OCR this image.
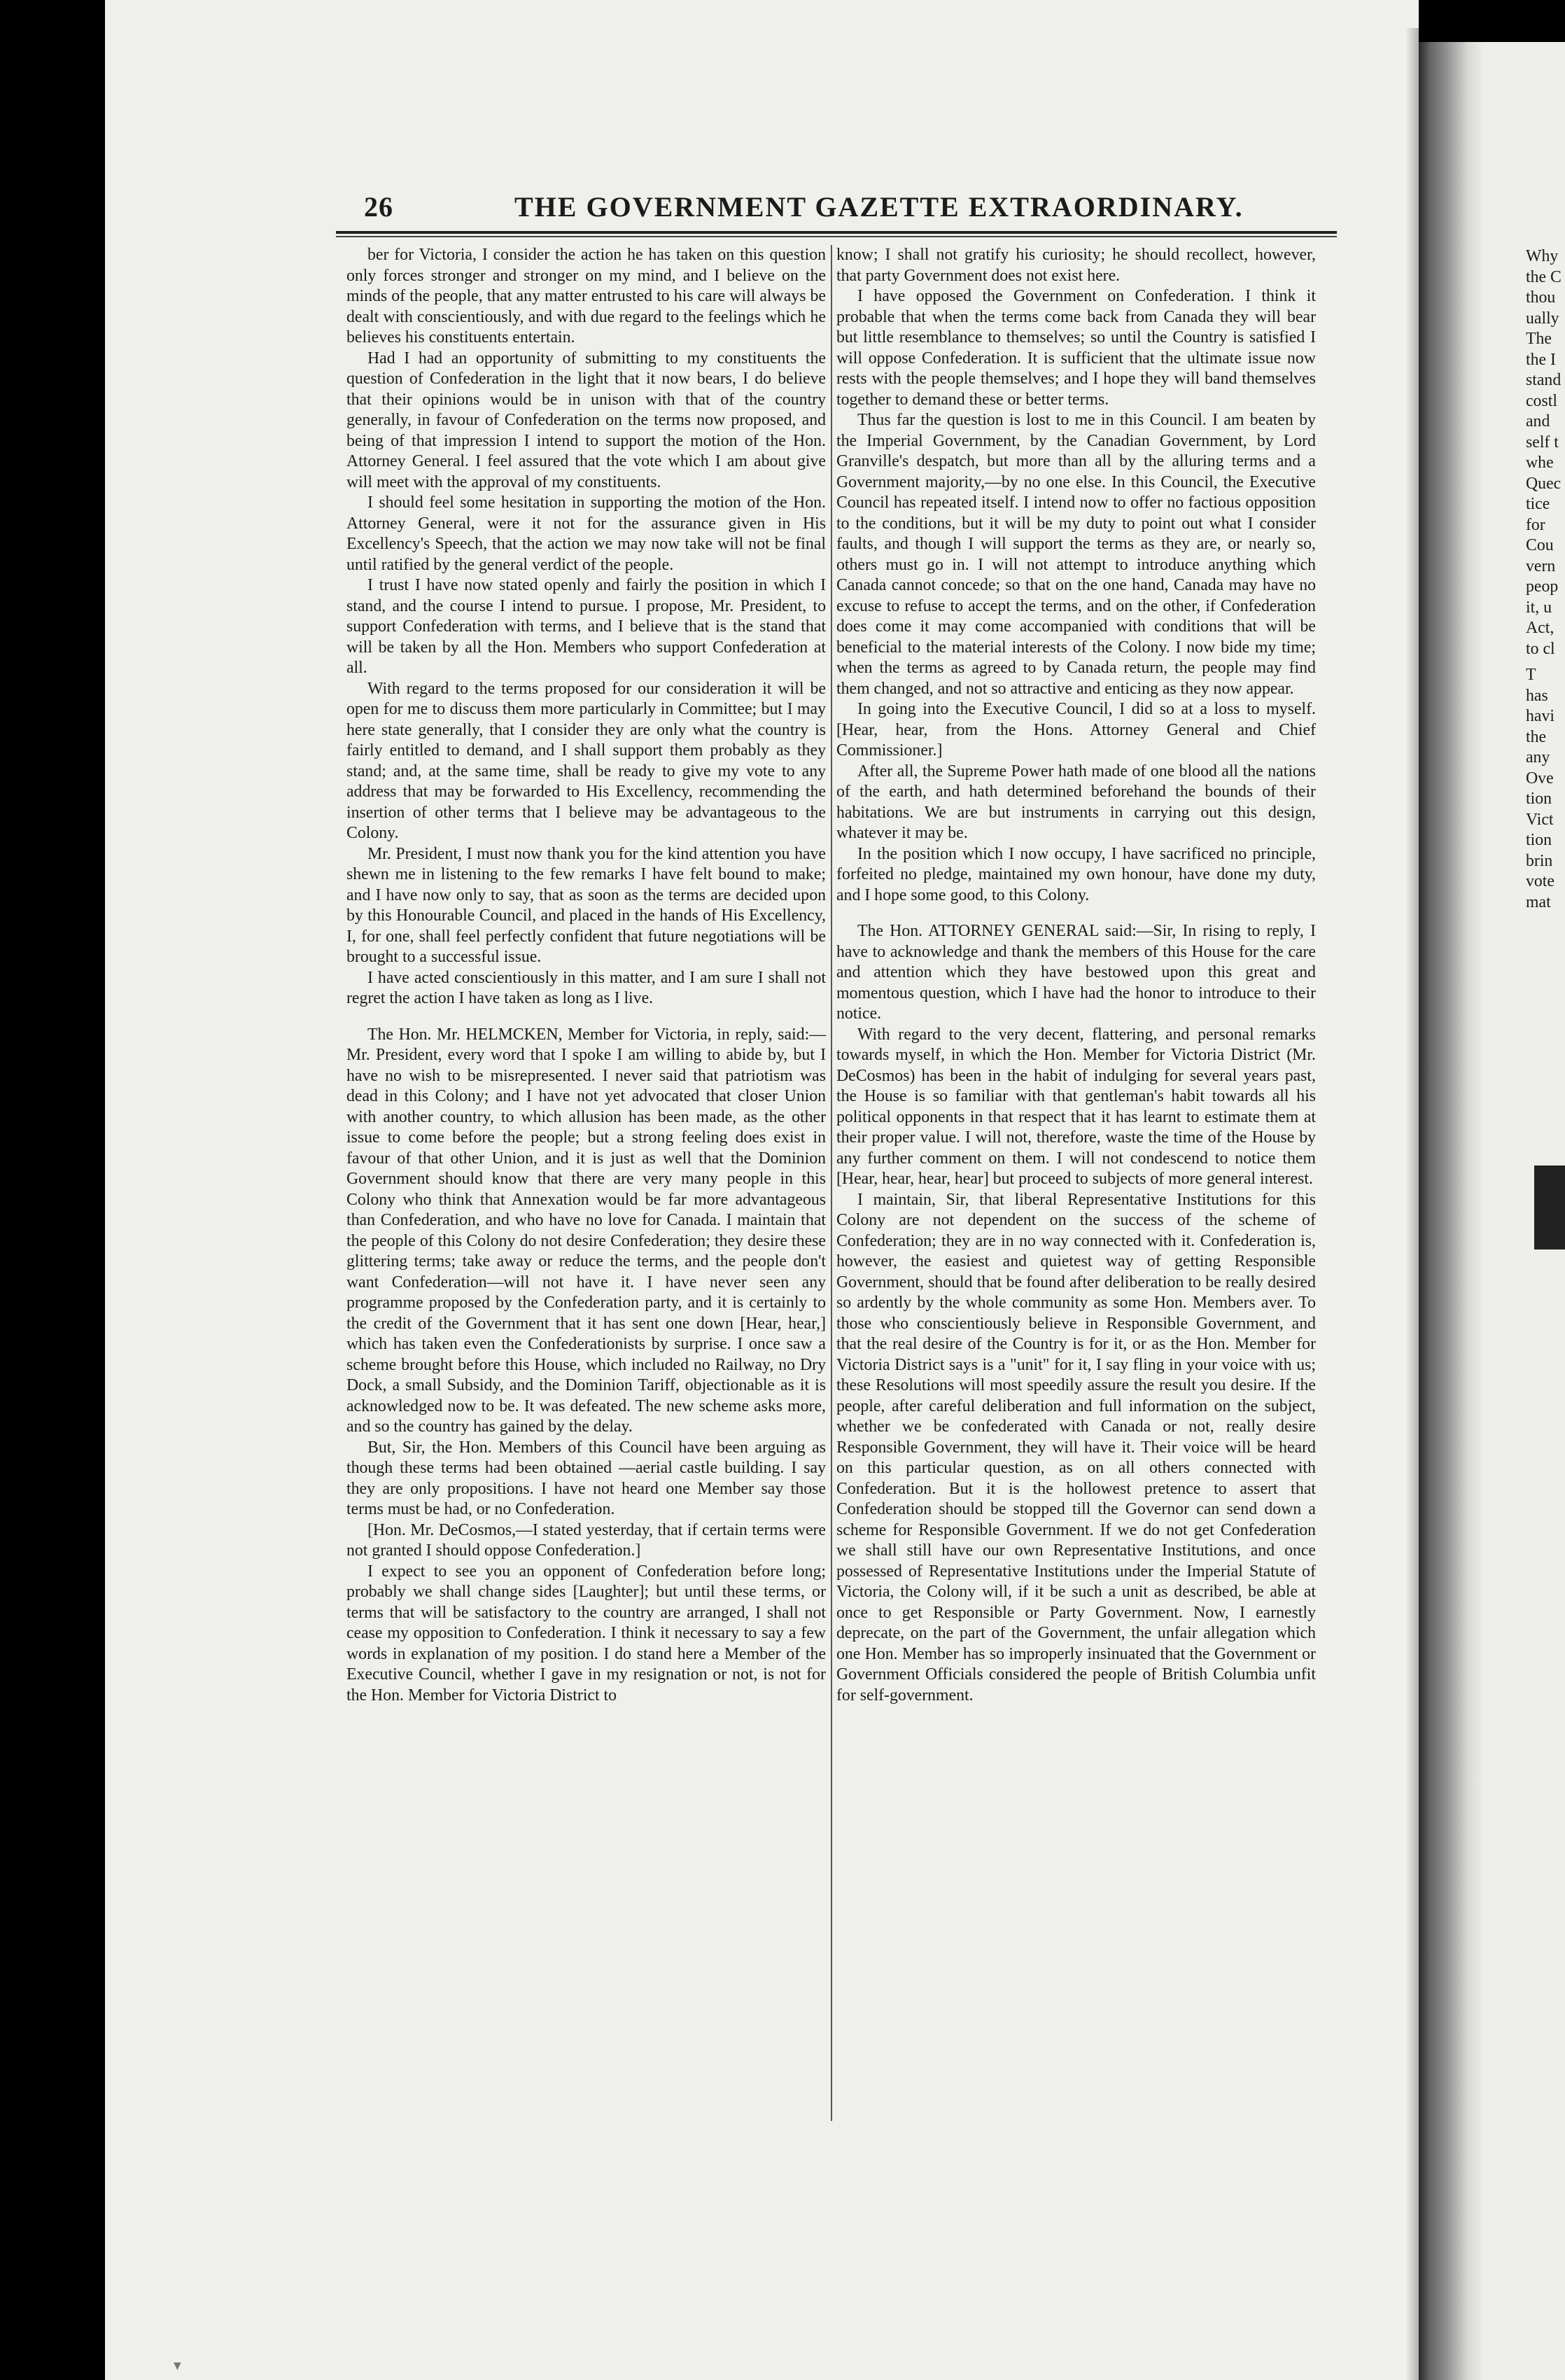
26	THE GOVERNMENT GAZETTE EXTRAORDINARY.

ber for Victoria, I consider the action he has taken on this question only forces stronger and stronger on my mind, and I believe on the minds of the people, that any matter entrusted to his care will always be dealt with conscientiously, and with due regard to the feelings which he believes his constituents entertain.

Had I had an opportunity of submitting to my constituents the question of Confederation in the light that it now bears, I do believe that their opinions would be in unison with that of the country generally, in favour of Confederation on the terms now proposed, and being of that impression I intend to support the motion of the Hon. Attorney General. I feel assured that the vote which I am about give will meet with the approval of my constituents.

I should feel some hesitation in supporting the motion of the Hon. Attorney General, were it not for the assurance given in His Excellency's Speech, that the action we may now take will not be final until ratified by the general verdict of the people.

I trust I have now stated openly and fairly the position in which I stand, and the course I intend to pursue. I propose, Mr. President, to support Confederation with terms, and I believe that is the stand that will be taken by all the Hon. Members who support Confederation at all.

With regard to the terms proposed for our consideration it will be open for me to discuss them more particularly in Committee; but I may here state generally, that I consider they are only what the country is fairly entitled to demand, and I shall support them probably as they stand; and, at the same time, shall be ready to give my vote to any address that may be forwarded to His Excellency, recommending the insertion of other terms that I believe may be advantageous to the Colony.

Mr. President, I must now thank you for the kind attention you have shewn me in listening to the few remarks I have felt bound to make; and I have now only to say, that as soon as the terms are decided upon by this Honourable Council, and placed in the hands of His Excellency, I, for one, shall feel perfectly confident that future negotiations will be brought to a successful issue.

I have acted conscientiously in this matter, and I am sure I shall not regret the action I have taken as long as I live.

The Hon. Mr. HELMCKEN, Member for Victoria, in reply, said:—Mr. President, every word that I spoke I am willing to abide by, but I have no wish to be misrepresented. I never said that patriotism was dead in this Colony; and I have not yet advocated that closer Union with another country, to which allusion has been made, as the other issue to come before the people; but a strong feeling does exist in favour of that other Union, and it is just as well that the Dominion Government should know that there are very many people in this Colony who think that Annexation would be far more advantageous than Confederation, and who have no love for Canada. I maintain that the people of this Colony do not desire Confederation; they desire these glittering terms; take away or reduce the terms, and the people don't want Confederation—will not have it. I have never seen any programme proposed by the Confederation party, and it is certainly to the credit of the Government that it has sent one down [Hear, hear,] which has taken even the Confederationists by surprise. I once saw a scheme brought before this House, which included no Railway, no Dry Dock, a small Subsidy, and the Dominion Tariff, objectionable as it is acknowledged now to be. It was defeated. The new scheme asks more, and so the country has gained by the delay.

But, Sir, the Hon. Members of this Council have been arguing as though these terms had been obtained —aerial castle building. I say they are only propositions. I have not heard one Member say those terms must be had, or no Confederation.

[Hon. Mr. DeCosmos,—I stated yesterday, that if certain terms were not granted I should oppose Confederation.]

I expect to see you an opponent of Confederation before long; probably we shall change sides [Laughter]; but until these terms, or terms that will be satisfactory to the country are arranged, I shall not cease my opposition to Confederation. I think it necessary to say a few words in explanation of my position. I do stand here a Member of the Executive Council, whether I gave in my resignation or not, is not for the Hon. Member for Victoria District to

know; I shall not gratify his curiosity; he should recollect, however, that party Government does not exist here.

I have opposed the Government on Confederation. I think it probable that when the terms come back from Canada they will bear but little resemblance to themselves; so until the Country is satisfied I will oppose Confederation. It is sufficient that the ultimate issue now rests with the people themselves; and I hope they will band themselves together to demand these or better terms.

Thus far the question is lost to me in this Council. I am beaten by the Imperial Government, by the Canadian Government, by Lord Granville's despatch, but more than all by the alluring terms and a Government majority,—by no one else. In this Council, the Executive Council has repeated itself. I intend now to offer no factious opposition to the conditions, but it will be my duty to point out what I consider faults, and though I will support the terms as they are, or nearly so, others must go in. I will not attempt to introduce anything which Canada cannot concede; so that on the one hand, Canada may have no excuse to refuse to accept the terms, and on the other, if Confederation does come it may come accompanied with conditions that will be beneficial to the material interests of the Colony. I now bide my time; when the terms as agreed to by Canada return, the people may find them changed, and not so attractive and enticing as they now appear.

In going into the Executive Council, I did so at a loss to myself. [Hear, hear, from the Hons. Attorney General and Chief Commissioner.]

After all, the Supreme Power hath made of one blood all the nations of the earth, and hath determined beforehand the bounds of their habitations. We are but instruments in carrying out this design, whatever it may be.

In the position which I now occupy, I have sacrificed no principle, forfeited no pledge, maintained my own honour, have done my duty, and I hope some good, to this Colony.

The Hon. ATTORNEY GENERAL said:—Sir, In rising to reply, I have to acknowledge and thank the members of this House for the care and attention which they have bestowed upon this great and momentous question, which I have had the honor to introduce to their notice.

With regard to the very decent, flattering, and personal remarks towards myself, in which the Hon. Member for Victoria District (Mr. DeCosmos) has been in the habit of indulging for several years past, the House is so familiar with that gentleman's habit towards all his political opponents in that respect that it has learnt to estimate them at their proper value. I will not, therefore, waste the time of the House by any further comment on them. I will not condescend to notice them [Hear, hear, hear, hear] but proceed to subjects of more general interest.

I maintain, Sir, that liberal Representative Institutions for this Colony are not dependent on the success of the scheme of Confederation; they are in no way connected with it. Confederation is, however, the easiest and quietest way of getting Responsible Government, should that be found after deliberation to be really desired so ardently by the whole community as some Hon. Members aver. To those who conscientiously believe in Responsible Government, and that the real desire of the Country is for it, or as the Hon. Member for Victoria District says is a "unit" for it, I say fling in your voice with us; these Resolutions will most speedily assure the result you desire. If the people, after careful deliberation and full information on the subject, whether we be confederated with Canada or not, really desire Responsible Government, they will have it. Their voice will be heard on this particular question, as on all others connected with Confederation. But it is the hollowest pretence to assert that Confederation should be stopped till the Governor can send down a scheme for Responsible Government. If we do not get Confederation we shall still have our own Representative Institutions, and once possessed of Representative Institutions under the Imperial Statute of Victoria, the Colony will, if it be such a unit as described, be able at once to get Responsible or Party Government. Now, I earnestly deprecate, on the part of the Government, the unfair allegation which one Hon. Member has so improperly insinuated that the Government or Government Officials considered the people of British Columbia unfit for self-government.

Why
the C
thou
ually
The
the I
stand
costl
and
self t
whe
Quec
tice
for
Cou
vern
peop
it, u
Act,
to cl
T
has
havi
the
any
Ove
tion
Vict
tion
brin
vote
mat
▼
